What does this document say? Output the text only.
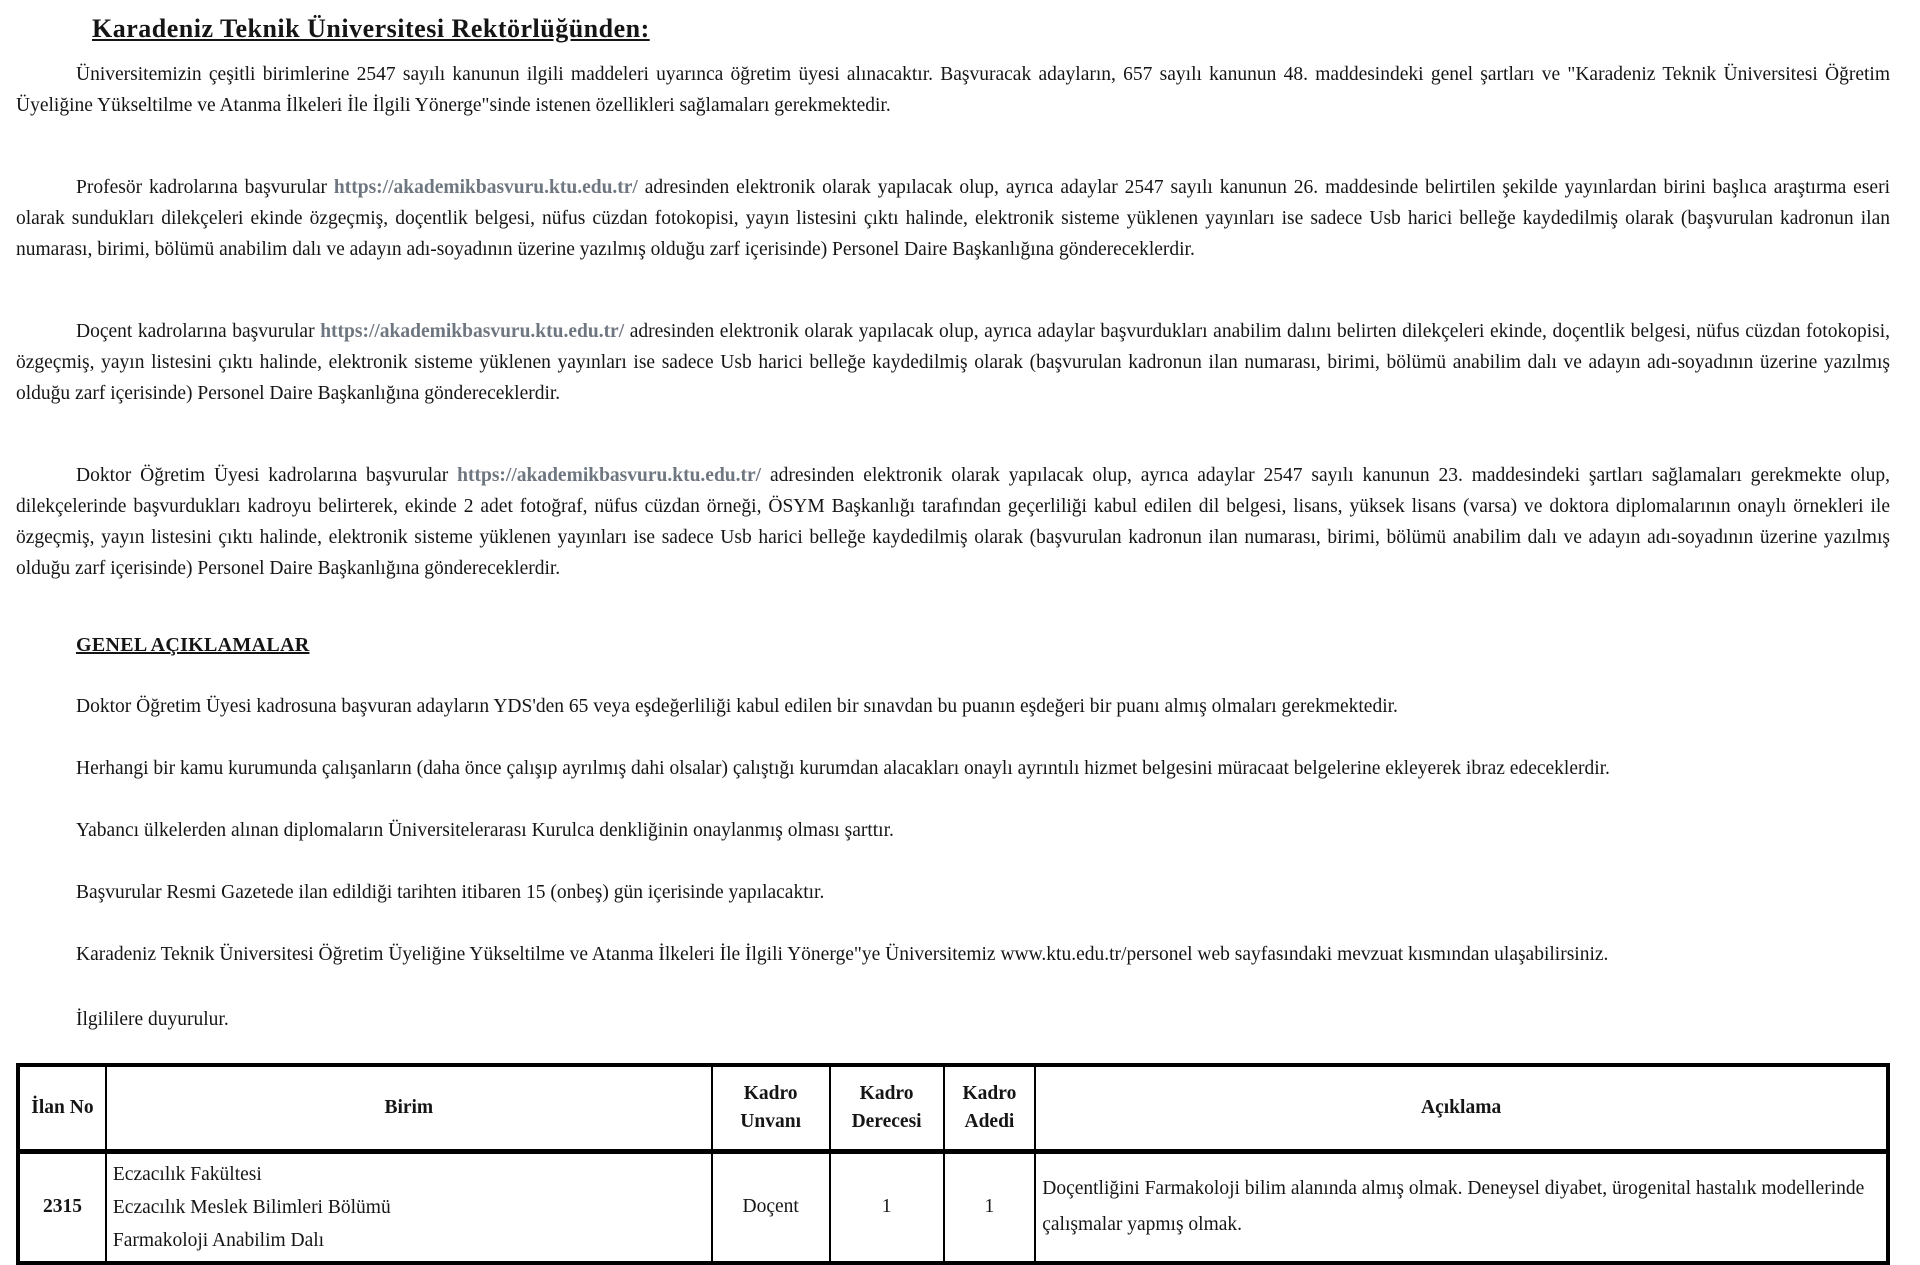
Karadeniz Teknik Üniversitesi Rektörlüğünden:

Üniversitemizin çeşitli birimlerine 2547 sayılı kanunun ilgili maddeleri uyarınca öğretim üyesi alınacaktır. Başvuracak adayların, 657 sayılı kanunun 48. maddesindeki genel şartları ve "Karadeniz Teknik Üniversitesi Öğretim Üyeliğine Yükseltilme ve Atanma İlkeleri İle İlgili Yönerge"sinde istenen özellikleri sağlamaları gerekmektedir.

Profesör kadrolarına başvurular https://akademikbasvuru.ktu.edu.tr/ adresinden elektronik olarak yapılacak olup, ayrıca adaylar 2547 sayılı kanunun 26. maddesinde belirtilen şekilde yayınlardan birini başlıca araştırma eseri olarak sundukları dilekçeleri ekinde özgeçmiş, doçentlik belgesi, nüfus cüzdan fotokopisi, yayın listesini çıktı halinde, elektronik sisteme yüklenen yayınları ise sadece Usb harici belleğe kaydedilmiş olarak (başvurulan kadronun ilan numarası, birimi, bölümü anabilim dalı ve adayın adı-soyadının üzerine yazılmış olduğu zarf içerisinde) Personel Daire Başkanlığına göndereceklerdir.

Doçent kadrolarına başvurular https://akademikbasvuru.ktu.edu.tr/ adresinden elektronik olarak yapılacak olup, ayrıca adaylar başvurdukları anabilim dalını belirten dilekçeleri ekinde, doçentlik belgesi, nüfus cüzdan fotokopisi, özgeçmiş, yayın listesini çıktı halinde, elektronik sisteme yüklenen yayınları ise sadece Usb harici belleğe kaydedilmiş olarak (başvurulan kadronun ilan numarası, birimi, bölümü anabilim dalı ve adayın adı-soyadının üzerine yazılmış olduğu zarf içerisinde) Personel Daire Başkanlığına göndereceklerdir.

Doktor Öğretim Üyesi kadrolarına başvurular https://akademikbasvuru.ktu.edu.tr/ adresinden elektronik olarak yapılacak olup, ayrıca adaylar 2547 sayılı kanunun 23. maddesindeki şartları sağlamaları gerekmekte olup, dilekçelerinde başvurdukları kadroyu belirterek, ekinde 2 adet fotoğraf, nüfus cüzdan örneği, ÖSYM Başkanlığı tarafından geçerliliği kabul edilen dil belgesi, lisans, yüksek lisans (varsa) ve doktora diplomalarının onaylı örnekleri ile özgeçmiş, yayın listesini çıktı halinde, elektronik sisteme yüklenen yayınları ise sadece Usb harici belleğe kaydedilmiş olarak (başvurulan kadronun ilan numarası, birimi, bölümü anabilim dalı ve adayın adı-soyadının üzerine yazılmış olduğu zarf içerisinde) Personel Daire Başkanlığına göndereceklerdir.

GENEL AÇIKLAMALAR

Doktor Öğretim Üyesi kadrosuna başvuran adayların YDS'den 65 veya eşdeğerliliği kabul edilen bir sınavdan bu puanın eşdeğeri bir puanı almış olmaları gerekmektedir.

Herhangi bir kamu kurumunda çalışanların (daha önce çalışıp ayrılmış dahi olsalar) çalıştığı kurumdan alacakları onaylı ayrıntılı hizmet belgesini müracaat belgelerine ekleyerek ibraz edeceklerdir.

Yabancı ülkelerden alınan diplomaların Üniversitelerarası Kurulca denkliğinin onaylanmış olması şarttır.

Başvurular Resmi Gazetede ilan edildiği tarihten itibaren 15 (onbeş) gün içerisinde yapılacaktır.

Karadeniz Teknik Üniversitesi Öğretim Üyeliğine Yükseltilme ve Atanma İlkeleri İle İlgili Yönerge"ye Üniversitemiz www.ktu.edu.tr/personel web sayfasındaki mevzuat kısmından ulaşabilirsiniz.

İlgililere duyurulur.

İlan No	Birim	Kadro Unvanı	Kadro Derecesi	Kadro Adedi	Açıklama
2315	Eczacılık Fakültesi
Eczacılık Meslek Bilimleri Bölümü
Farmakoloji Anabilim Dalı	Doçent	1	1	Doçentliğini Farmakoloji bilim alanında almış olmak. Deneysel diyabet, ürogenital hastalık modellerinde çalışmalar yapmış olmak.
